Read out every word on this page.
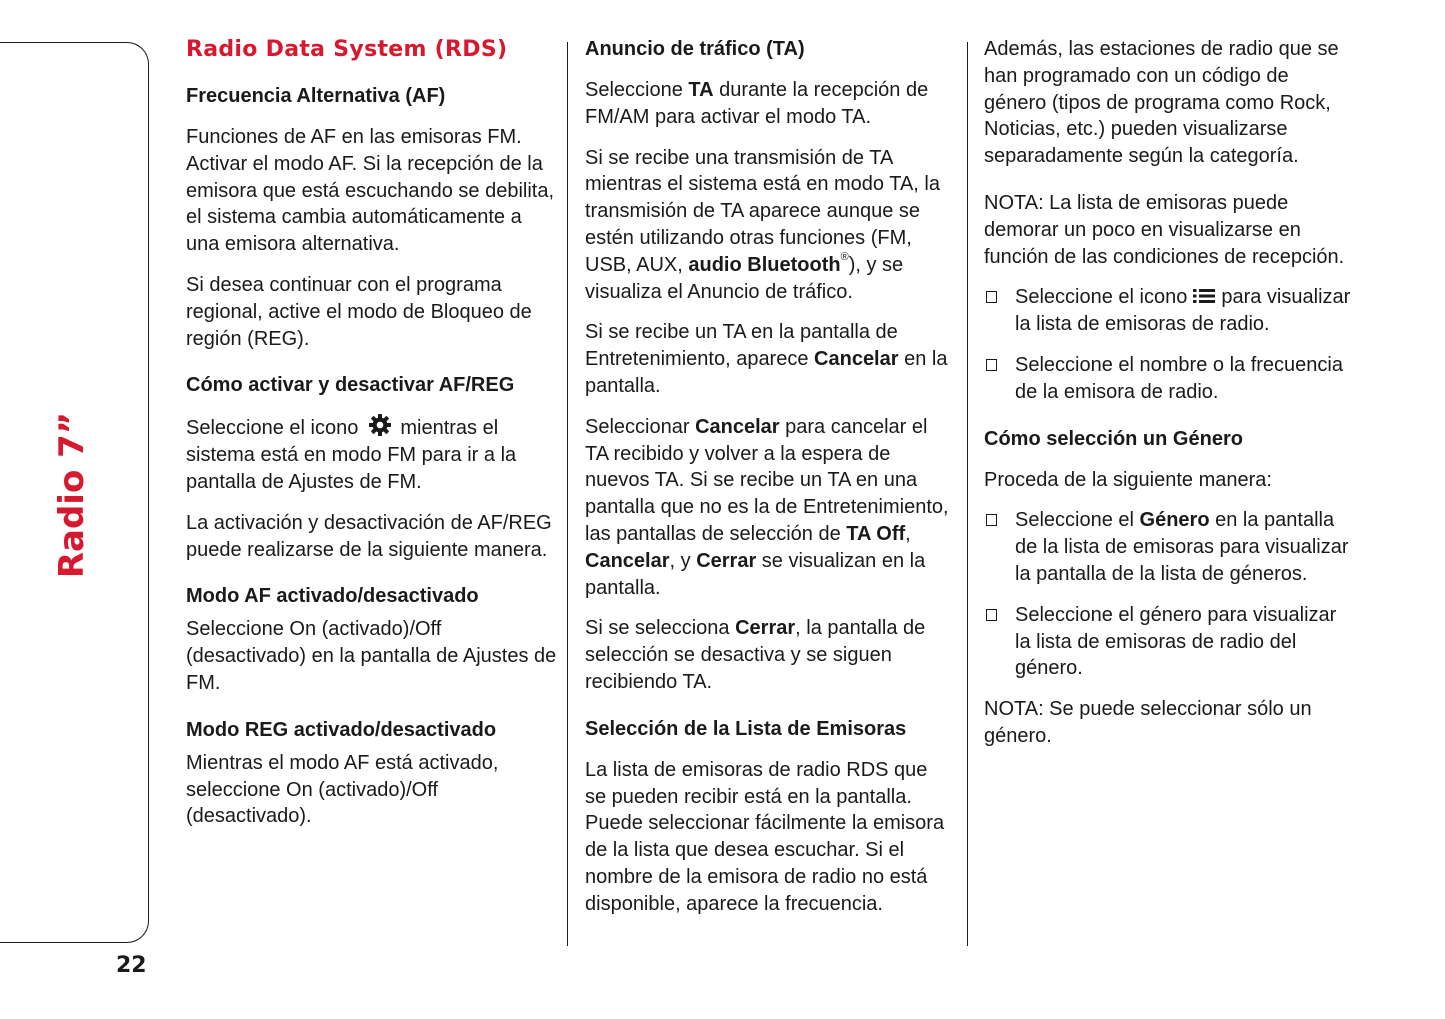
Radio 7”
22
Radio Data System (RDS)
Frecuencia Alternativa (AF)

Funciones de AF en las emisoras FM. Activar el modo AF. Si la recepción de la emisora que está escuchando se debilita, el sistema cambia automáticamente a una emisora alternativa.

Si desea continuar con el programa regional, active el modo de Bloqueo de región (REG).

Cómo activar y desactivar AF/REG

Seleccione el icono mientras el sistema está en modo FM para ir a la pantalla de Ajustes de FM.

La activación y desactivación de AF/REG puede realizarse de la siguiente manera.

Modo AF activado/desactivado

Seleccione On (activado)/Off (desactivado) en la pantalla de Ajustes de FM.

Modo REG activado/desactivado

Mientras el modo AF está activado, seleccione On (activado)/Off (desactivado).

Anuncio de tráfico (TA)

Seleccione TA durante la recepción de FM/AM para activar el modo TA.

Si se recibe una transmisión de TA mientras el sistema está en modo TA, la transmisión de TA aparece aunque se estén utilizando otras funciones (FM, USB, AUX, audio Bluetooth®), y se visualiza el Anuncio de tráfico.

Si se recibe un TA en la pantalla de Entretenimiento, aparece Cancelar en la pantalla.

Seleccionar Cancelar para cancelar el TA recibido y volver a la espera de nuevos TA. Si se recibe un TA en una pantalla que no es la de Entretenimiento, las pantallas de selección de TA Off, Cancelar, y Cerrar se visualizan en la pantalla.

Si se selecciona Cerrar, la pantalla de selección se desactiva y se siguen recibiendo TA.

Selección de la Lista de Emisoras

La lista de emisoras de radio RDS que se pueden recibir está en la pantalla. Puede seleccionar fácilmente la emisora de la lista que desea escuchar. Si el nombre de la emisora de radio no está disponible, aparece la frecuencia.

Además, las estaciones de radio que se han programado con un código de género (tipos de programa como Rock, Noticias, etc.) pueden visualizarse separadamente según la categoría.

NOTA: La lista de emisoras puede demorar un poco en visualizarse en función de las condiciones de recepción.

Seleccione el icono para visualizar la lista de emisoras de radio.

Seleccione el nombre o la frecuencia de la emisora de radio.

Cómo selección un Género

Proceda de la siguiente manera:

Seleccione el Género en la pantalla de la lista de emisoras para visualizar la pantalla de la lista de géneros.

Seleccione el género para visualizar la lista de emisoras de radio del género.

NOTA: Se puede seleccionar sólo un género.
